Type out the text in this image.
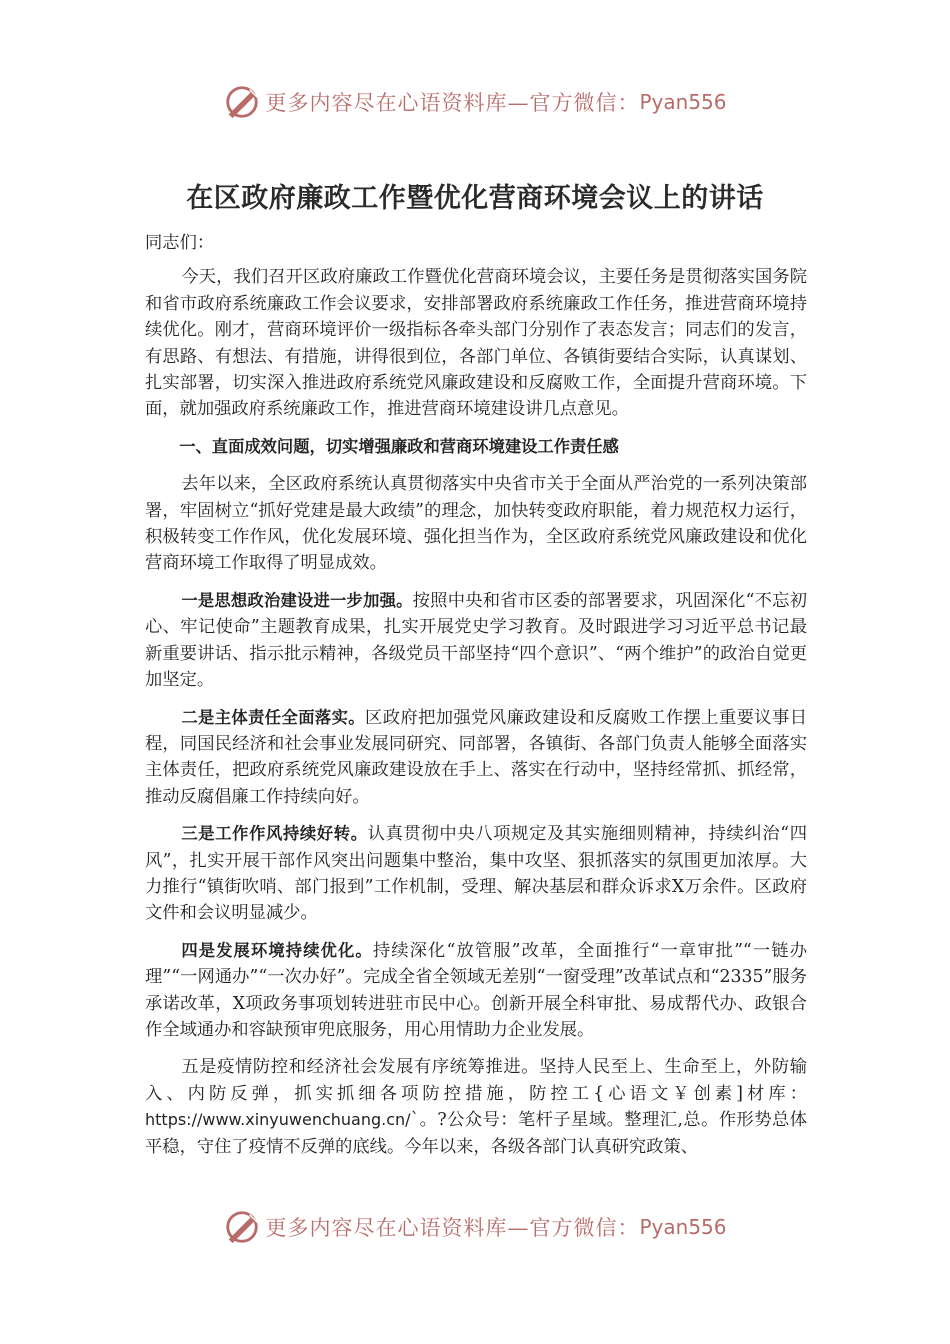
更多内容尽在心语资料库—官方微信： Pyan556
在区政府廉政工作暨优化营商环境会议上的讲话

同志们：

今天，我们召开区政府廉政工作暨优化营商环境会议，主要任务是贯彻落实国务院和省市政府系统廉政工作会议要求，安排部署政府系统廉政工作任务，推进营商环境持续优化。刚才，营商环境评价一级指标各牵头部门分别作了表态发言；同志们的发言，有思路、有想法、有措施，讲得很到位，各部门单位、各镇街要结合实际，认真谋划、扎实部署，切实深入推进政府系统党风廉政建设和反腐败工作，全面提升营商环境。下面，就加强政府系统廉政工作，推进营商环境建设讲几点意见。

一、直面成效问题，切实增强廉政和营商环境建设工作责任感

去年以来，全区政府系统认真贯彻落实中央省市关于全面从严治党的一系列决策部署，牢固树立“抓好党建是最大政绩”的理念，加快转变政府职能，着力规范权力运行，积极转变工作作风，优化发展环境、强化担当作为，全区政府系统党风廉政建设和优化营商环境工作取得了明显成效。

一是思想政治建设进一步加强。按照中央和省市区委的部署要求，巩固深化“不忘初心、牢记使命”主题教育成果，扎实开展党史学习教育。及时跟进学习习近平总书记最新重要讲话、指示批示精神，各级党员干部坚持“四个意识”、“两个维护”的政治自觉更加坚定。

二是主体责任全面落实。区政府把加强党风廉政建设和反腐败工作摆上重要议事日程，同国民经济和社会事业发展同研究、同部署，各镇街、各部门负责人能够全面落实主体责任，把政府系统党风廉政建设放在手上、落实在行动中，坚持经常抓、抓经常，推动反腐倡廉工作持续向好。

三是工作作风持续好转。认真贯彻中央八项规定及其实施细则精神，持续纠治“四风”，扎实开展干部作风突出问题集中整治，集中攻坚、狠抓落实的氛围更加浓厚。大力推行“镇街吹哨、部门报到”工作机制，受理、解决基层和群众诉求X万余件。区政府文件和会议明显减少。

四是发展环境持续优化。持续深化“放管服”改革，全面推行“一章审批”“一链办理”“一网通办”“一次办好”。完成全省全领域无差别“一窗受理”改革试点和“2335”服务承诺改革，X项政务事项划转进驻市民中心。创新开展全科审批、易成帮代办、政银合作全域通办和容缺预审兜底服务，用心用情助力企业发展。

五是疫情防控和经济社会发展有序统筹推进。坚持人民至上、生命至上，外防输入、内防反弹，抓实抓细各项防控措施，防控工{心语文￥创素]材库：https://www.xinyuwenchuang.cn/`。?公众号：笔杆子星域。整理汇,总。作形势总体平稳，守住了疫情不反弹的底线。今年以来，各级各部门认真研究政策、

更多内容尽在心语资料库—官方微信： Pyan556
